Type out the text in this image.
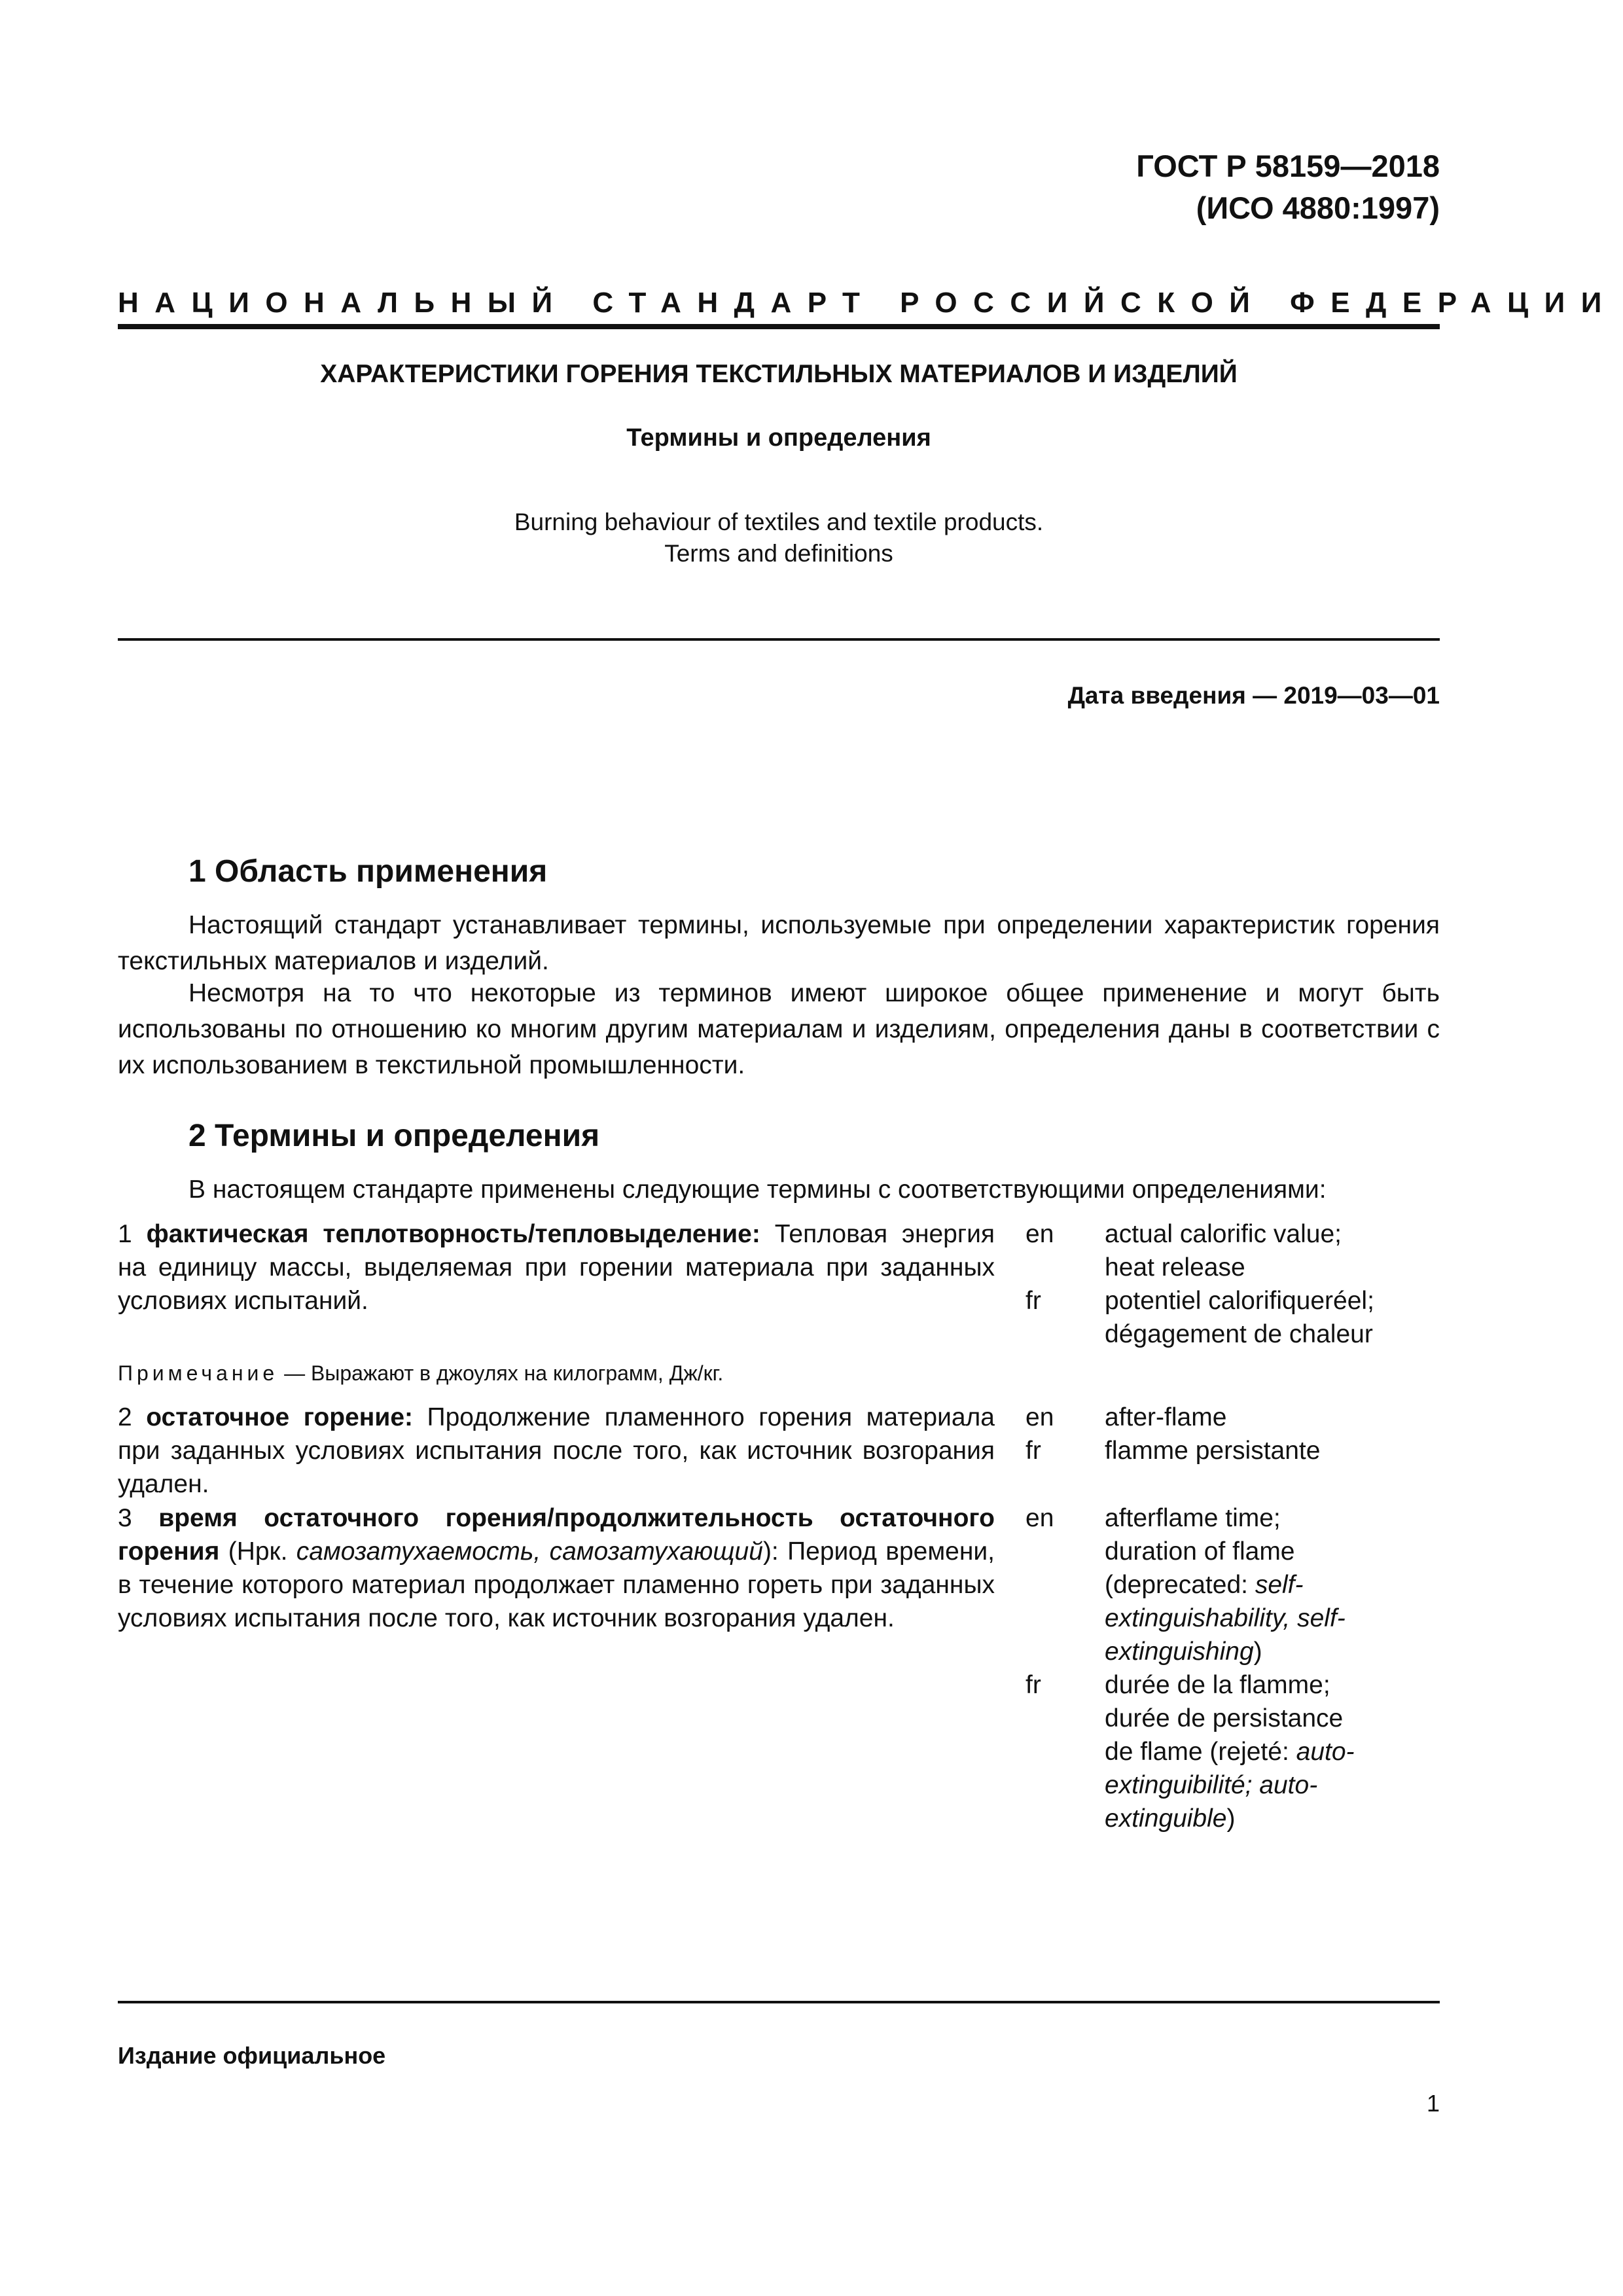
ГОСТ Р 58159—2018
(ИСО 4880:1997)
НАЦИОНАЛЬНЫЙ СТАНДАРТ РОССИЙСКОЙ ФЕДЕРАЦИИ
ХАРАКТЕРИСТИКИ ГОРЕНИЯ ТЕКСТИЛЬНЫХ МАТЕРИАЛОВ И ИЗДЕЛИЙ
Термины и определения
Burning behaviour of textiles and textile products.
Terms and definitions
Дата введения — 2019—03—01
1 Область применения
Настоящий стандарт устанавливает термины, используемые при определении характеристик горения текстильных материалов и изделий.
Несмотря на то что некоторые из терминов имеют широкое общее применение и могут быть использованы по отношению ко многим другим материалам и изделиям, определения даны в соответствии с их использованием в текстильной промышленности.
2 Термины и определения
В настоящем стандарте применены следующие термины с соответствующими определениями:
1 фактическая теплотворность/тепловыделение: Тепловая энергия на единицу массы, выделяемая при горении материала при заданных условиях испытаний.
en actual calorific value;
heat release
fr potentiel calorifiqueréel;
dégagement de chaleur
Примечание — Выражают в джоулях на килограмм, Дж/кг.
2 остаточное горение: Продолжение пламенного горения материала при заданных условиях испытания после того, как источник возгорания удален.
en after-flame
fr flamme persistante
3 время остаточного горения/продолжительность остаточного горения (Нрк. самозатухаемость, самозатухающий): Период времени, в течение которого материал продолжает пламенно гореть при заданных условиях испытания после того, как источник возгорания удален.
en afterflame time;
duration of flame
(deprecated: self-extinguishability, self-extinguishing)
fr durée de la flamme;
durée de persistance
de flame (rejeté: auto-extinguibilité; auto-extinguible)
Издание официальное
1
